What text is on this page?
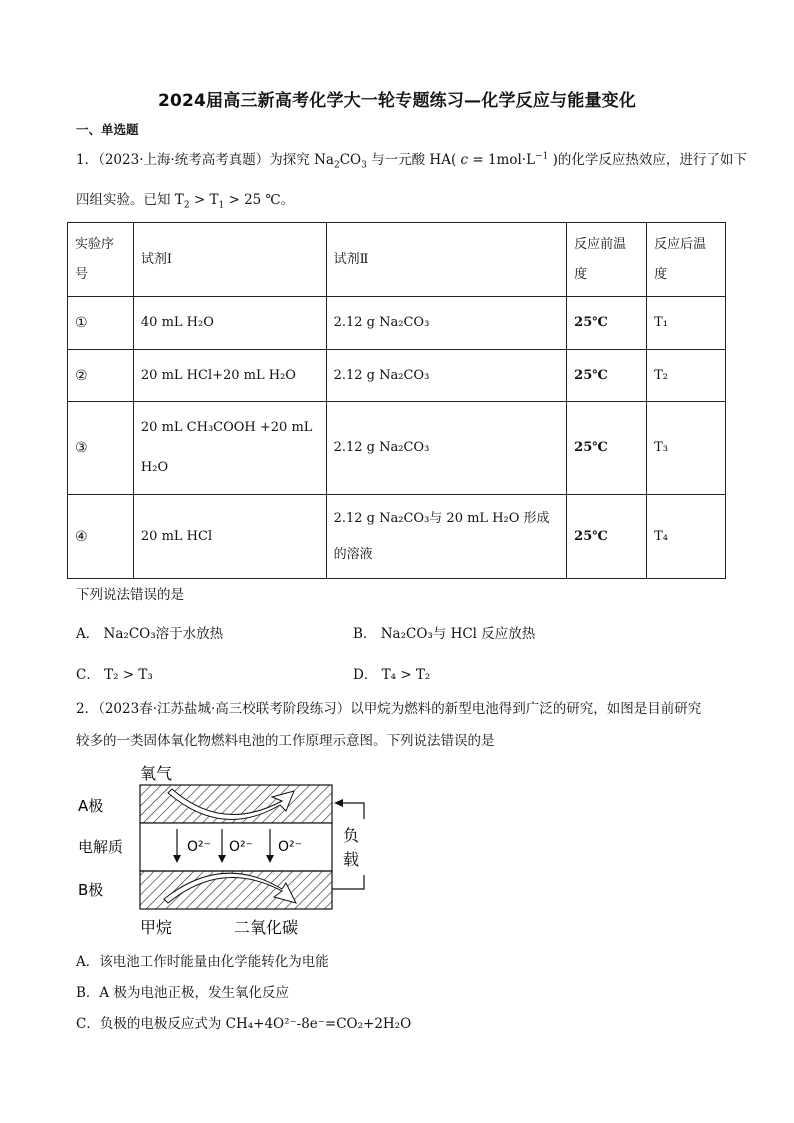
2024届高三新高考化学大一轮专题练习—化学反应与能量变化
一、单选题
1．（2023·上海·统考高考真题）为探究 $Na_2CO_3$ 与一元酸 HA( $c = 1mol\cdot L^{-1}$ )的化学反应热效应，进行了如下
四组实验。已知 $T_2 > T_1 > 25$ ℃。
实验序号	试剂Ⅰ	试剂Ⅱ	反应前温度	反应后温度
①	40 mL H₂O	2.12 g Na₂CO₃	25℃	T₁
②	20 mL HCl+20 mL H₂O	2.12 g Na₂CO₃	25℃	T₂
③	20 mL CH₃COOH +20 mL H₂O	2.12 g Na₂CO₃	25℃	T₃
④	20 mL HCl	2.12 g Na₂CO₃与 20 mL H₂O 形成的溶液	25℃	T₄
下列说法错误的是
A． Na₂CO₃溶于水放热	B． Na₂CO₃与 HCl 反应放热
C． T₂ > T₃	D． T₄ > T₂
2．（2023春·江苏盐城·高三校联考阶段练习）以甲烷为燃料的新型电池得到广泛的研究，如图是目前研究
较多的一类固体氧化物燃料电池的工作原理示意图。下列说法错误的是
氧气
A极
电解质	O²⁻ O²⁻ O²⁻
B极
甲烷	二氧化碳
负
载
A．该电池工作时能量由化学能转化为电能
B．A 极为电池正极，发生氧化反应
C．负极的电极反应式为 CH₄+4O²⁻-8e⁻=CO₂+2H₂O
